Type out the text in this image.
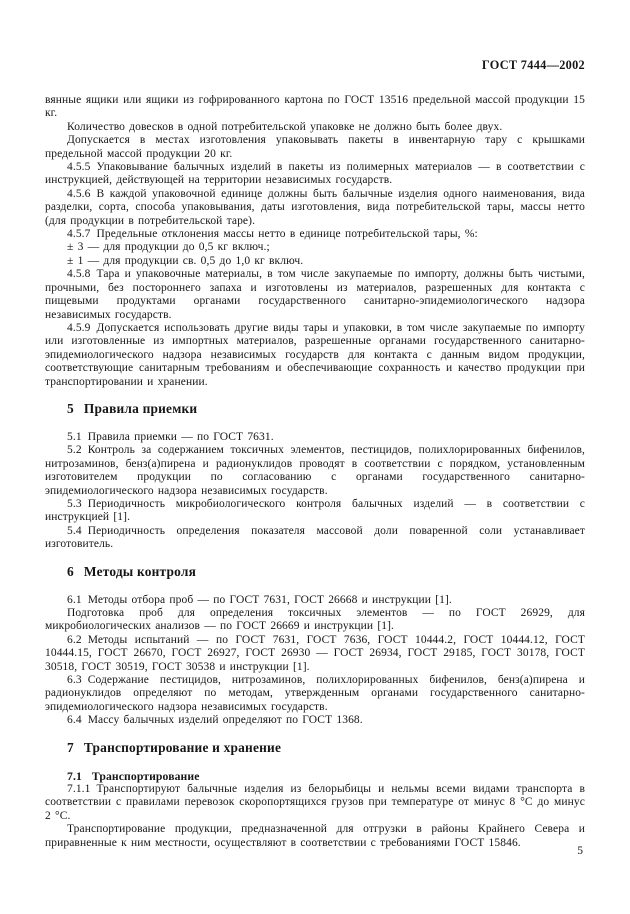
ГОСТ 7444—2002

вянные ящики или ящики из гофрированного картона по ГОСТ 13516 предельной массой продукции 15 кг.

Количество довесков в одной потребительской упаковке не должно быть более двух.

Допускается в местах изготовления упаковывать пакеты в инвентарную тару с крышками предельной массой продукции 20 кг.

4.5.5 Упаковывание балычных изделий в пакеты из полимерных материалов — в соответствии с инструкцией, действующей на территории независимых государств.

4.5.6 В каждой упаковочной единице должны быть балычные изделия одного наименования, вида разделки, сорта, способа упаковывания, даты изготовления, вида потребительской тары, массы нетто (для продукции в потребительской таре).

4.5.7 Предельные отклонения массы нетто в единице потребительской тары, %:

± 3 — для продукции до 0,5 кг включ.;

± 1 — для продукции св. 0,5 до 1,0 кг включ.

4.5.8 Тара и упаковочные материалы, в том числе закупаемые по импорту, должны быть чистыми, прочными, без постороннего запаха и изготовлены из материалов, разрешенных для контакта с пищевыми продуктами органами государственного санитарно-эпидемиологического надзора независимых государств.

4.5.9 Допускается использовать другие виды тары и упаковки, в том числе закупаемые по импорту или изготовленные из импортных материалов, разрешенные органами государственного санитарно-эпидемиологического надзора независимых государств для контакта с данным видом продукции, соответствующие санитарным требованиям и обеспечивающие сохранность и качество продукции при транспортировании и хранении.

5 Правила приемки

5.1 Правила приемки — по ГОСТ 7631.

5.2 Контроль за содержанием токсичных элементов, пестицидов, полихлорированных бифенилов, нитрозаминов, бенз(а)пирена и радионуклидов проводят в соответствии с порядком, установленным изготовителем продукции по согласованию с органами государственного санитарно-эпидемиологического надзора независимых государств.

5.3 Периодичность микробиологического контроля балычных изделий — в соответствии с инструкцией [1].

5.4 Периодичность определения показателя массовой доли поваренной соли устанавливает изготовитель.

6 Методы контроля

6.1 Методы отбора проб — по ГОСТ 7631, ГОСТ 26668 и инструкции [1].

Подготовка проб для определения токсичных элементов — по ГОСТ 26929, для микробиологических анализов — по ГОСТ 26669 и инструкции [1].

6.2 Методы испытаний — по ГОСТ 7631, ГОСТ 7636, ГОСТ 10444.2, ГОСТ 10444.12, ГОСТ 10444.15, ГОСТ 26670, ГОСТ 26927, ГОСТ 26930 — ГОСТ 26934, ГОСТ 29185, ГОСТ 30178, ГОСТ 30518, ГОСТ 30519, ГОСТ 30538 и инструкции [1].

6.3 Содержание пестицидов, нитрозаминов, полихлорированных бифенилов, бенз(а)пирена и радионуклидов определяют по методам, утвержденным органами государственного санитарно-эпидемиологического надзора независимых государств.

6.4 Массу балычных изделий определяют по ГОСТ 1368.

7 Транспортирование и хранение
7.1 Транспортирование

7.1.1 Транспортируют балычные изделия из белорыбицы и нельмы всеми видами транспорта в соответствии с правилами перевозок скоропортящихся грузов при температуре от минус 8 °С до минус 2 °С.

Транспортирование продукции, предназначенной для отгрузки в районы Крайнего Севера и приравненные к ним местности, осуществляют в соответствии с требованиями ГОСТ 15846.

5
